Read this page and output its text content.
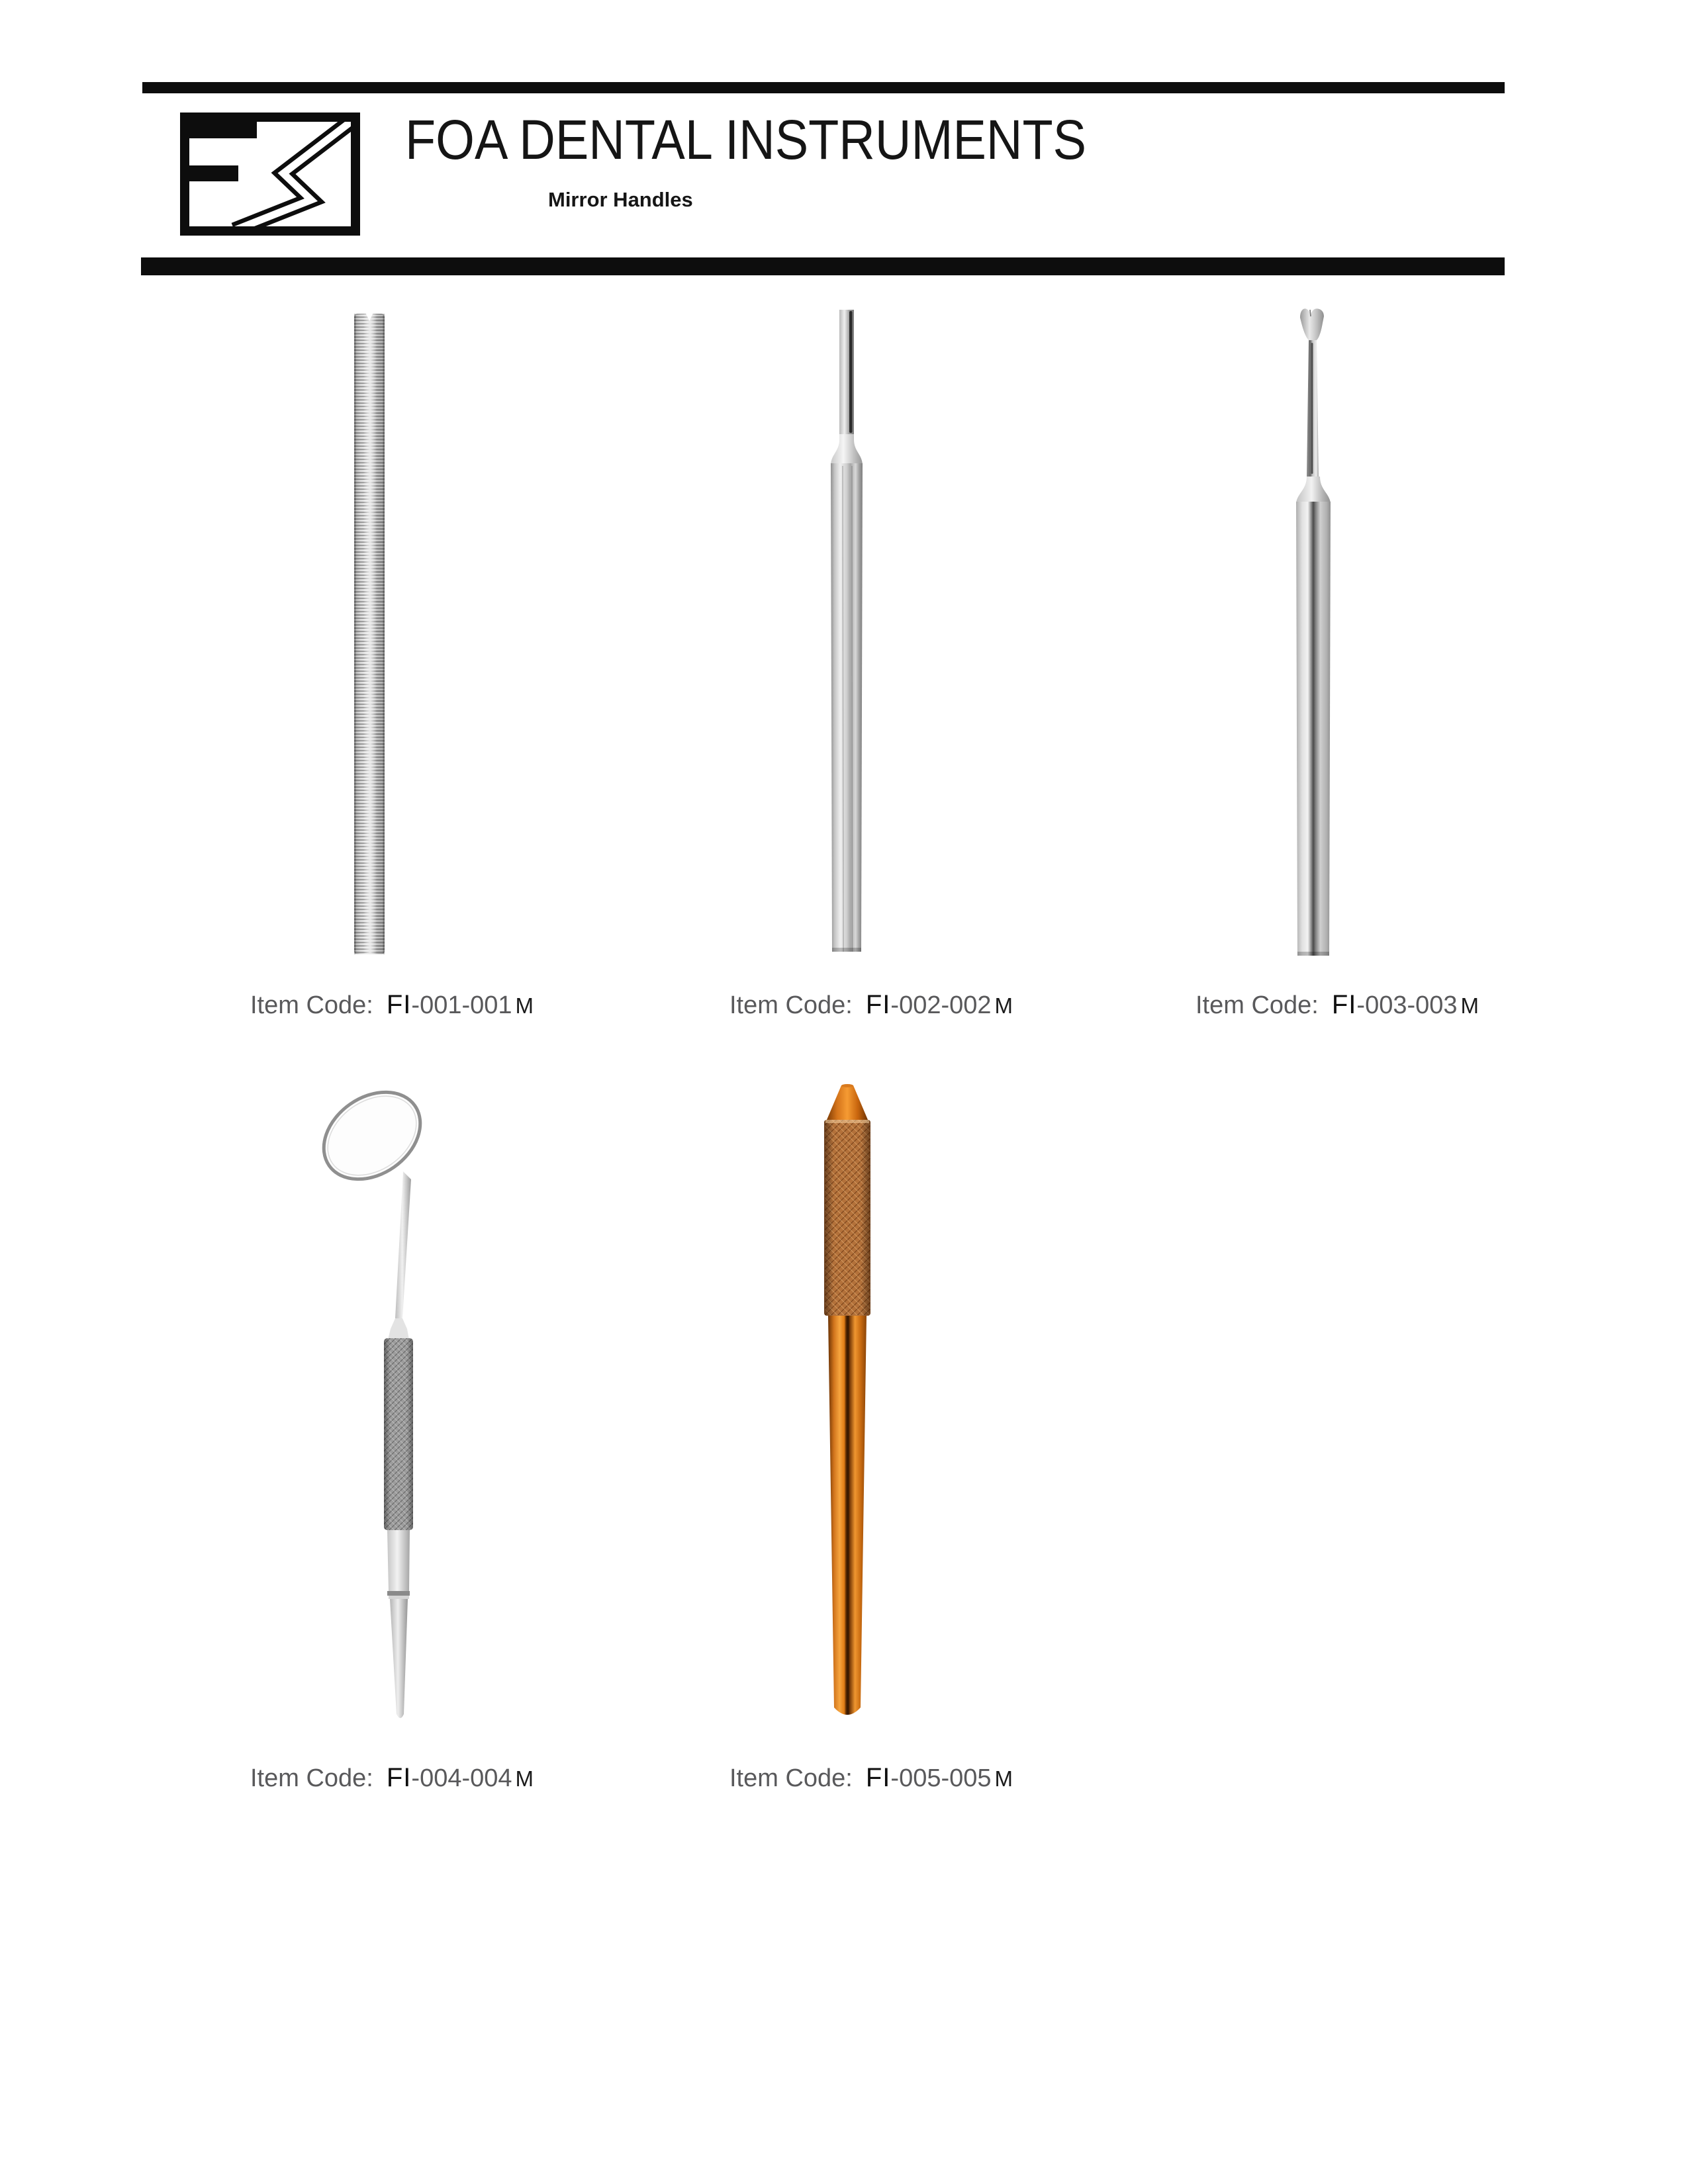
FOA DENTAL INSTRUMENTS
Mirror Handles
Item Code: FI-001-001 M	Item Code: FI-002-002 M	Item Code: FI-003-003 M
Item Code: FI-004-004 M	Item Code: FI-005-005 M
